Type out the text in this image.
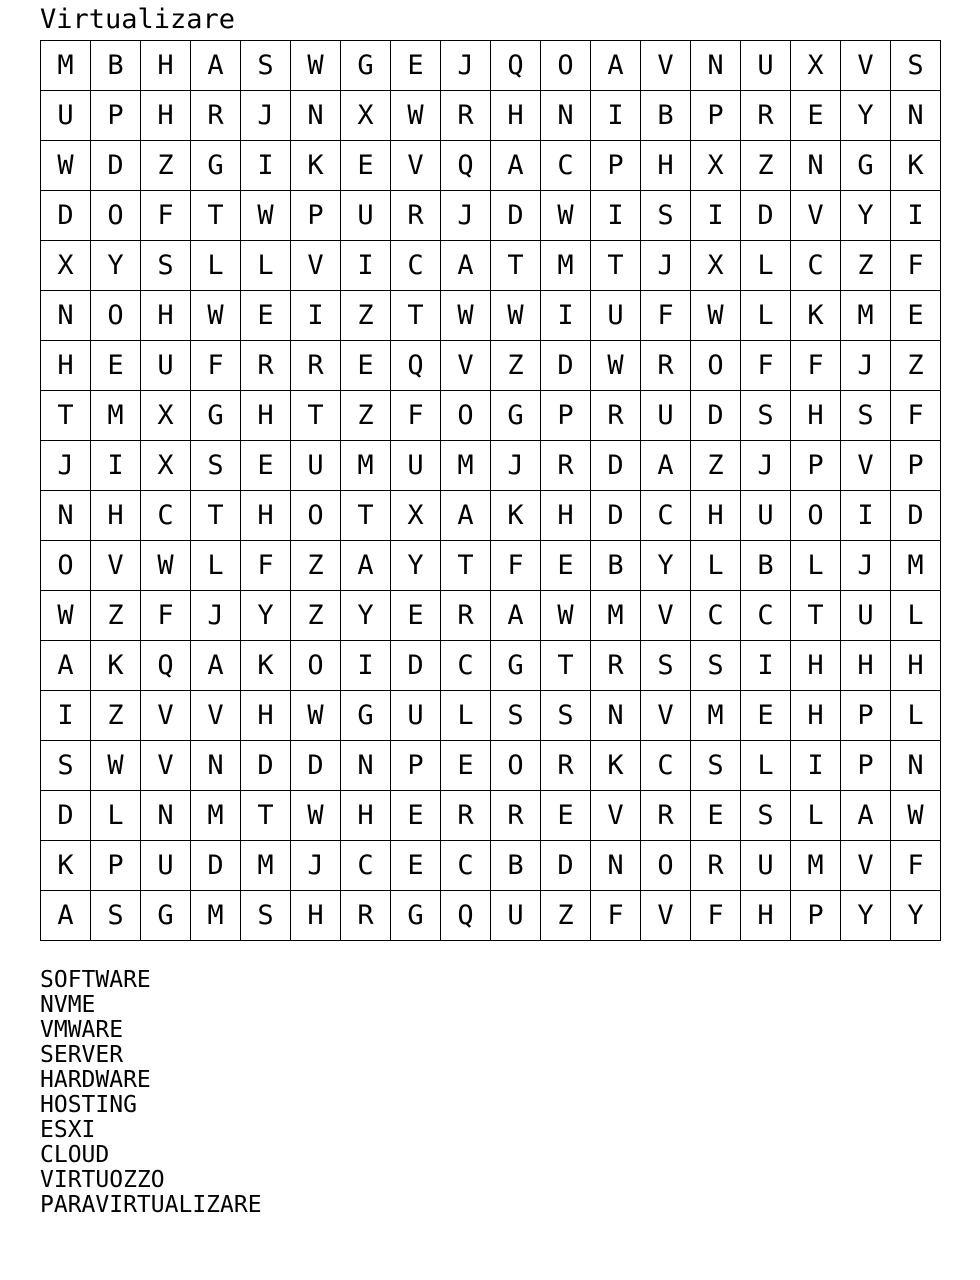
Virtualizare
M	B	H	A	S	W	G	E	J	Q	O	A	V	N	U	X	V	S
U	P	H	R	J	N	X	W	R	H	N	I	B	P	R	E	Y	N
W	D	Z	G	I	K	E	V	Q	A	C	P	H	X	Z	N	G	K
D	O	F	T	W	P	U	R	J	D	W	I	S	I	D	V	Y	I
X	Y	S	L	L	V	I	C	A	T	M	T	J	X	L	C	Z	F
N	O	H	W	E	I	Z	T	W	W	I	U	F	W	L	K	M	E
H	E	U	F	R	R	E	Q	V	Z	D	W	R	O	F	F	J	Z
T	M	X	G	H	T	Z	F	O	G	P	R	U	D	S	H	S	F
J	I	X	S	E	U	M	U	M	J	R	D	A	Z	J	P	V	P
N	H	C	T	H	O	T	X	A	K	H	D	C	H	U	O	I	D
O	V	W	L	F	Z	A	Y	T	F	E	B	Y	L	B	L	J	M
W	Z	F	J	Y	Z	Y	E	R	A	W	M	V	C	C	T	U	L
A	K	Q	A	K	O	I	D	C	G	T	R	S	S	I	H	H	H
I	Z	V	V	H	W	G	U	L	S	S	N	V	M	E	H	P	L
S	W	V	N	D	D	N	P	E	O	R	K	C	S	L	I	P	N
D	L	N	M	T	W	H	E	R	R	E	V	R	E	S	L	A	W
K	P	U	D	M	J	C	E	C	B	D	N	O	R	U	M	V	F
A	S	G	M	S	H	R	G	Q	U	Z	F	V	F	H	P	Y	Y
SOFTWARE
NVME
VMWARE
SERVER
HARDWARE
HOSTING
ESXI
CLOUD
VIRTUOZZO
PARAVIRTUALIZARE
